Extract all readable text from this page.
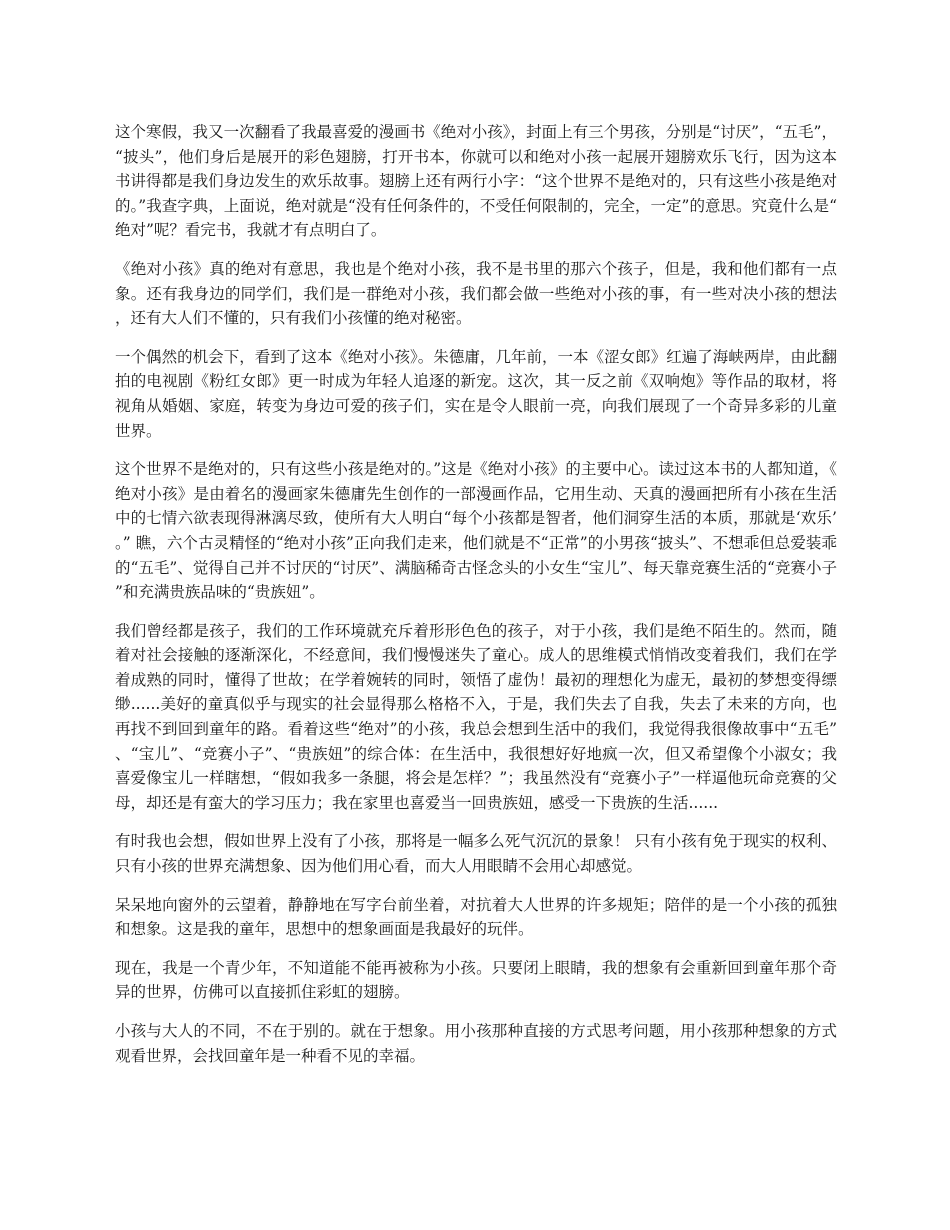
这个寒假，我又一次翻看了我最喜爱的漫画书《绝对小孩》，封面上有三个男孩，分别是“讨厌”，“五毛”，“披头”，他们身后是展开的彩色翅膀，打开书本，你就可以和绝对小孩一起展开翅膀欢乐飞行，因为这本书讲得都是我们身边发生的欢乐故事。翅膀上还有两行小字：“这个世界不是绝对的，只有这些小孩是绝对的。”我查字典，上面说，绝对就是“没有任何条件的，不受任何限制的，完全，一定”的意思。究竟什么是“绝对”呢？看完书，我就才有点明白了。

《绝对小孩》真的绝对有意思，我也是个绝对小孩，我不是书里的那六个孩子，但是，我和他们都有一点象。还有我身边的同学们，我们是一群绝对小孩，我们都会做一些绝对小孩的事，有一些对决小孩的想法，还有大人们不懂的，只有我们小孩懂的绝对秘密。

一个偶然的机会下，看到了这本《绝对小孩》。朱德庸，几年前，一本《涩女郎》红遍了海峡两岸，由此翻拍的电视剧《粉红女郎》更一时成为年轻人追逐的新宠。这次，其一反之前《双响炮》等作品的取材，将视角从婚姻、家庭，转变为身边可爱的孩子们，实在是令人眼前一亮，向我们展现了一个奇异多彩的儿童世界。

这个世界不是绝对的，只有这些小孩是绝对的。”这是《绝对小孩》的主要中心。读过这本书的人都知道，《绝对小孩》是由着名的漫画家朱德庸先生创作的一部漫画作品，它用生动、天真的漫画把所有小孩在生活中的七情六欲表现得淋漓尽致，使所有大人明白“每个小孩都是智者，他们洞穿生活的本质，那就是‘欢乐’。” 瞧，六个古灵精怪的“绝对小孩”正向我们走来，他们就是不“正常”的小男孩“披头”、不想乖但总爱装乖的“五毛”、觉得自己并不讨厌的“讨厌”、满脑稀奇古怪念头的小女生“宝儿”、每天靠竞赛生活的“竞赛小子”和充满贵族品味的“贵族妞”。

我们曾经都是孩子，我们的工作环境就充斥着形形色色的孩子，对于小孩，我们是绝不陌生的。然而，随着对社会接触的逐渐深化，不经意间，我们慢慢迷失了童心。成人的思维模式悄悄改变着我们，我们在学着成熟的同时，懂得了世故；在学着婉转的同时，领悟了虚伪！最初的理想化为虚无，最初的梦想变得缥缈......美好的童真似乎与现实的社会显得那么格格不入，于是，我们失去了自我，失去了未来的方向，也再找不到回到童年的路。看着这些“绝对”的小孩，我总会想到生活中的我们，我觉得我很像故事中“五毛”、“宝儿”、“竞赛小子”、“贵族妞”的综合体：在生活中，我很想好好地疯一次，但又希望像个小淑女；我喜爱像宝儿一样瞎想，“假如我多一条腿，将会是怎样？”；我虽然没有“竞赛小子”一样逼他玩命竞赛的父母，却还是有蛮大的学习压力；我在家里也喜爱当一回贵族妞，感受一下贵族的生活......

有时我也会想，假如世界上没有了小孩，那将是一幅多么死气沉沉的景象！ 只有小孩有免于现实的权利、只有小孩的世界充满想象、因为他们用心看，而大人用眼睛不会用心却感觉。

呆呆地向窗外的云望着，静静地在写字台前坐着，对抗着大人世界的许多规矩；陪伴的是一个小孩的孤独和想象。这是我的童年，思想中的想象画面是我最好的玩伴。

现在，我是一个青少年，不知道能不能再被称为小孩。只要闭上眼睛，我的想象有会重新回到童年那个奇异的世界，仿佛可以直接抓住彩虹的翅膀。

小孩与大人的不同，不在于别的。就在于想象。用小孩那种直接的方式思考问题，用小孩那种想象的方式观看世界，会找回童年是一种看不见的幸福。
